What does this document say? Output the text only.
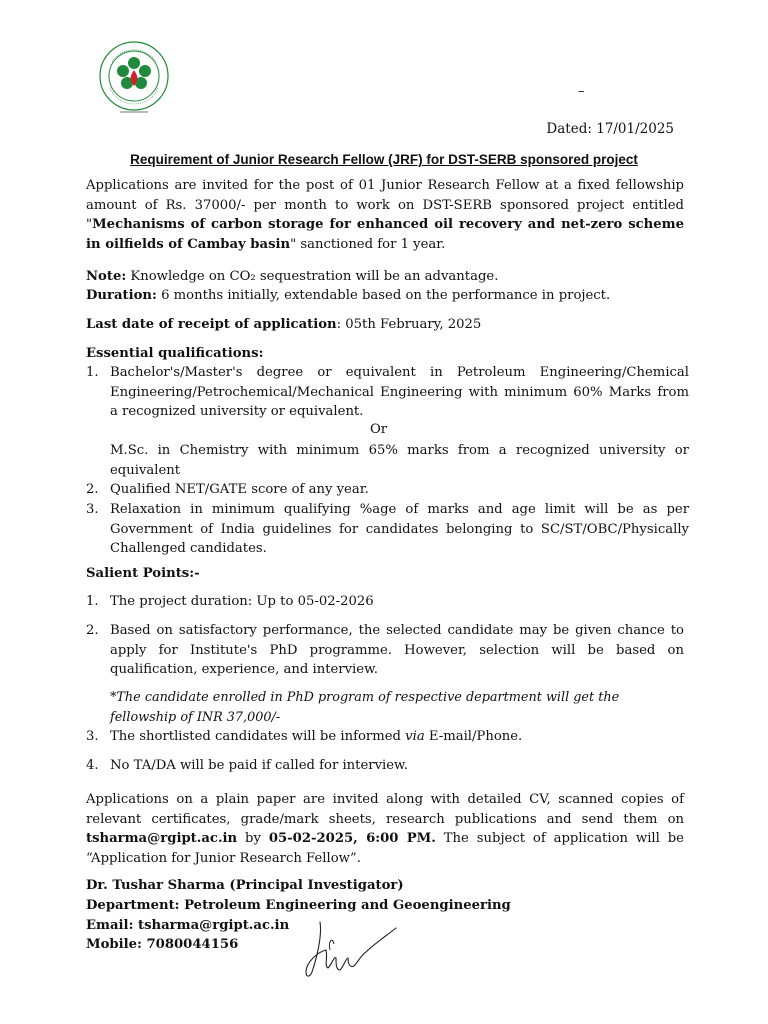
–
Dated: 17/01/2025
Requirement of Junior Research Fellow (JRF) for DST-SERB sponsored project
Applications are invited for the post of 01 Junior Research Fellow at a fixed fellowship amount of Rs. 37000/- per month to work on DST-SERB sponsored project entitled "Mechanisms of carbon storage for enhanced oil recovery and net-zero scheme in oilfields of Cambay basin" sanctioned for 1 year.
Note: Knowledge on CO₂ sequestration will be an advantage.
Duration: 6 months initially, extendable based on the performance in project.
Last date of receipt of application: 05th February, 2025
Essential qualifications:
1. Bachelor's/Master's degree or equivalent in Petroleum Engineering/Chemical Engineering/Petrochemical/Mechanical Engineering with minimum 60% Marks from a recognized university or equivalent.
Or
M.Sc. in Chemistry with minimum 65% marks from a recognized university or equivalent
2. Qualified NET/GATE score of any year.
3. Relaxation in minimum qualifying %age of marks and age limit will be as per Government of India guidelines for candidates belonging to SC/ST/OBC/Physically Challenged candidates.
Salient Points:-
1. The project duration: Up to 05-02-2026
2. Based on satisfactory performance, the selected candidate may be given chance to apply for Institute's PhD programme. However, selection will be based on qualification, experience, and interview.
*The candidate enrolled in PhD program of respective department will get the fellowship of INR 37,000/-
3. The shortlisted candidates will be informed via E-mail/Phone.
4. No TA/DA will be paid if called for interview.
Applications on a plain paper are invited along with detailed CV, scanned copies of relevant certificates, grade/mark sheets, research publications and send them on tsharma@rgipt.ac.in by 05-02-2025, 6:00 PM. The subject of application will be “Application for Junior Research Fellow”.
Dr. Tushar Sharma (Principal Investigator)
Department: Petroleum Engineering and Geoengineering
Email: tsharma@rgipt.ac.in
Mobile: 7080044156
